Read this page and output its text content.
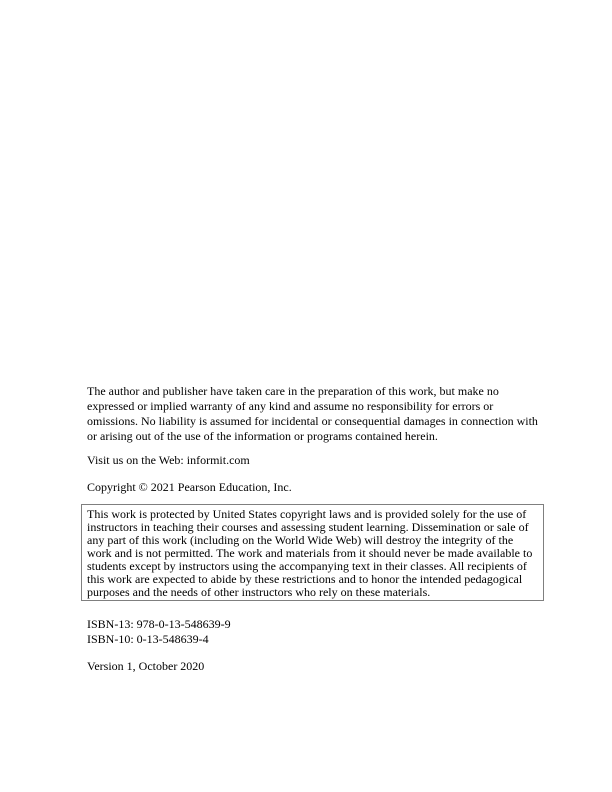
The author and publisher have taken care in the preparation of this work, but make no
expressed or implied warranty of any kind and assume no responsibility for errors or
omissions. No liability is assumed for incidental or consequential damages in connection with
or arising out of the use of the information or programs contained herein.

Visit us on the Web: informit.com

Copyright © 2021 Pearson Education, Inc.

This work is protected by United States copyright laws and is provided solely for the use of
instructors in teaching their courses and assessing student learning. Dissemination or sale of
any part of this work (including on the World Wide Web) will destroy the integrity of the
work and is not permitted. The work and materials from it should never be made available to
students except by instructors using the accompanying text in their classes. All recipients of
this work are expected to abide by these restrictions and to honor the intended pedagogical
purposes and the needs of other instructors who rely on these materials.
ISBN-13: 978-0-13-548639-9
ISBN-10: 0-13-548639-4

Version 1, October 2020
